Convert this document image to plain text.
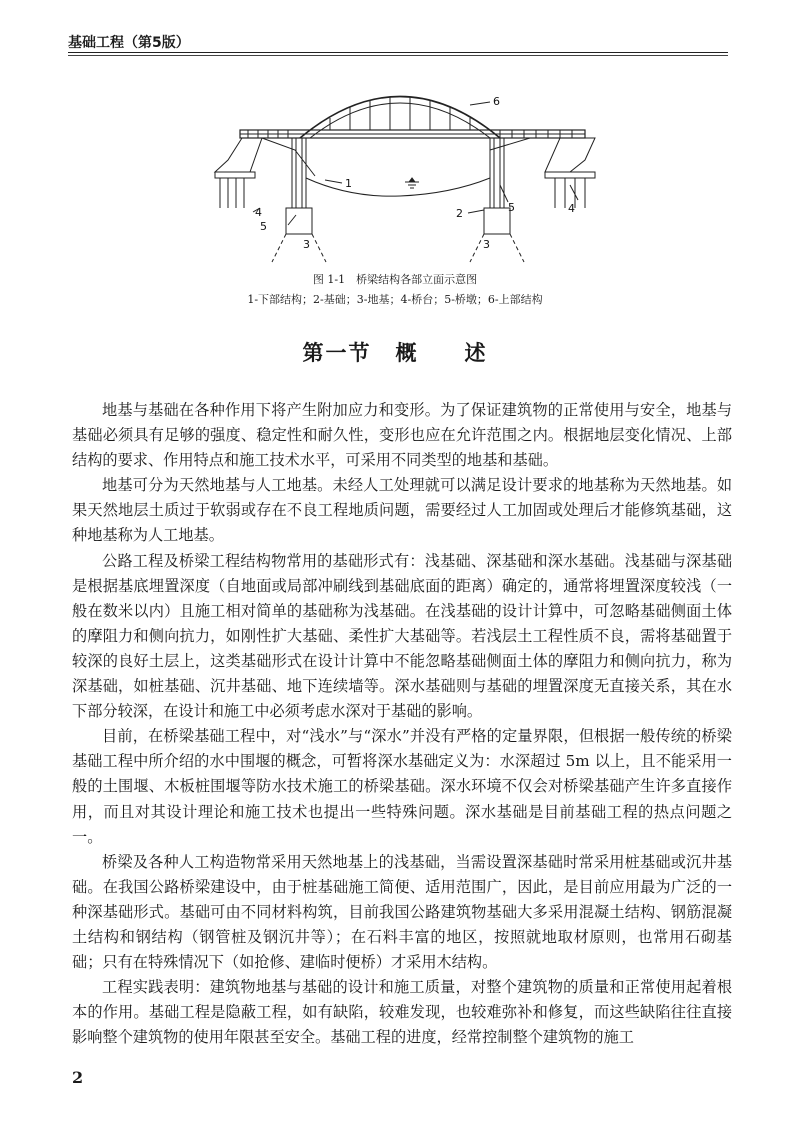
基础工程（第5版）
1
2
3	3
4	4
5
5
6
图 1-1　桥梁结构各部立面示意图
1-下部结构；2-基础；3-地基；4-桥台；5-桥墩；6-上部结构
第一节 概 述

地基与基础在各种作用下将产生附加应力和变形。为了保证建筑物的正常使用与安全，地基与基础必须具有足够的强度、稳定性和耐久性，变形也应在允许范围之内。根据地层变化情况、上部结构的要求、作用特点和施工技术水平，可采用不同类型的地基和基础。

地基可分为天然地基与人工地基。未经人工处理就可以满足设计要求的地基称为天然地基。如果天然地层土质过于软弱或存在不良工程地质问题，需要经过人工加固或处理后才能修筑基础，这种地基称为人工地基。

公路工程及桥梁工程结构物常用的基础形式有：浅基础、深基础和深水基础。浅基础与深基础是根据基底埋置深度（自地面或局部冲刷线到基础底面的距离）确定的，通常将埋置深度较浅（一般在数米以内）且施工相对简单的基础称为浅基础。在浅基础的设计计算中，可忽略基础侧面土体的摩阻力和侧向抗力，如刚性扩大基础、柔性扩大基础等。若浅层土工程性质不良，需将基础置于较深的良好土层上，这类基础形式在设计计算中不能忽略基础侧面土体的摩阻力和侧向抗力，称为深基础，如桩基础、沉井基础、地下连续墙等。深水基础则与基础的埋置深度无直接关系，其在水下部分较深，在设计和施工中必须考虑水深对于基础的影响。

目前，在桥梁基础工程中，对“浅水”与“深水”并没有严格的定量界限，但根据一般传统的桥梁基础工程中所介绍的水中围堰的概念，可暂将深水基础定义为：水深超过 5m 以上，且不能采用一般的土围堰、木板桩围堰等防水技术施工的桥梁基础。深水环境不仅会对桥梁基础产生许多直接作用，而且对其设计理论和施工技术也提出一些特殊问题。深水基础是目前基础工程的热点问题之一。

桥梁及各种人工构造物常采用天然地基上的浅基础，当需设置深基础时常采用桩基础或沉井基础。在我国公路桥梁建设中，由于桩基础施工简便、适用范围广，因此，是目前应用最为广泛的一种深基础形式。基础可由不同材料构筑，目前我国公路建筑物基础大多采用混凝土结构、钢筋混凝土结构和钢结构（钢管桩及钢沉井等）；在石料丰富的地区，按照就地取材原则，也常用石砌基础；只有在特殊情况下（如抢修、建临时便桥）才采用木结构。

工程实践表明：建筑物地基与基础的设计和施工质量，对整个建筑物的质量和正常使用起着根本的作用。基础工程是隐蔽工程，如有缺陷，较难发现，也较难弥补和修复，而这些缺陷往往直接影响整个建筑物的使用年限甚至安全。基础工程的进度，经常控制整个建筑物的施工

2
